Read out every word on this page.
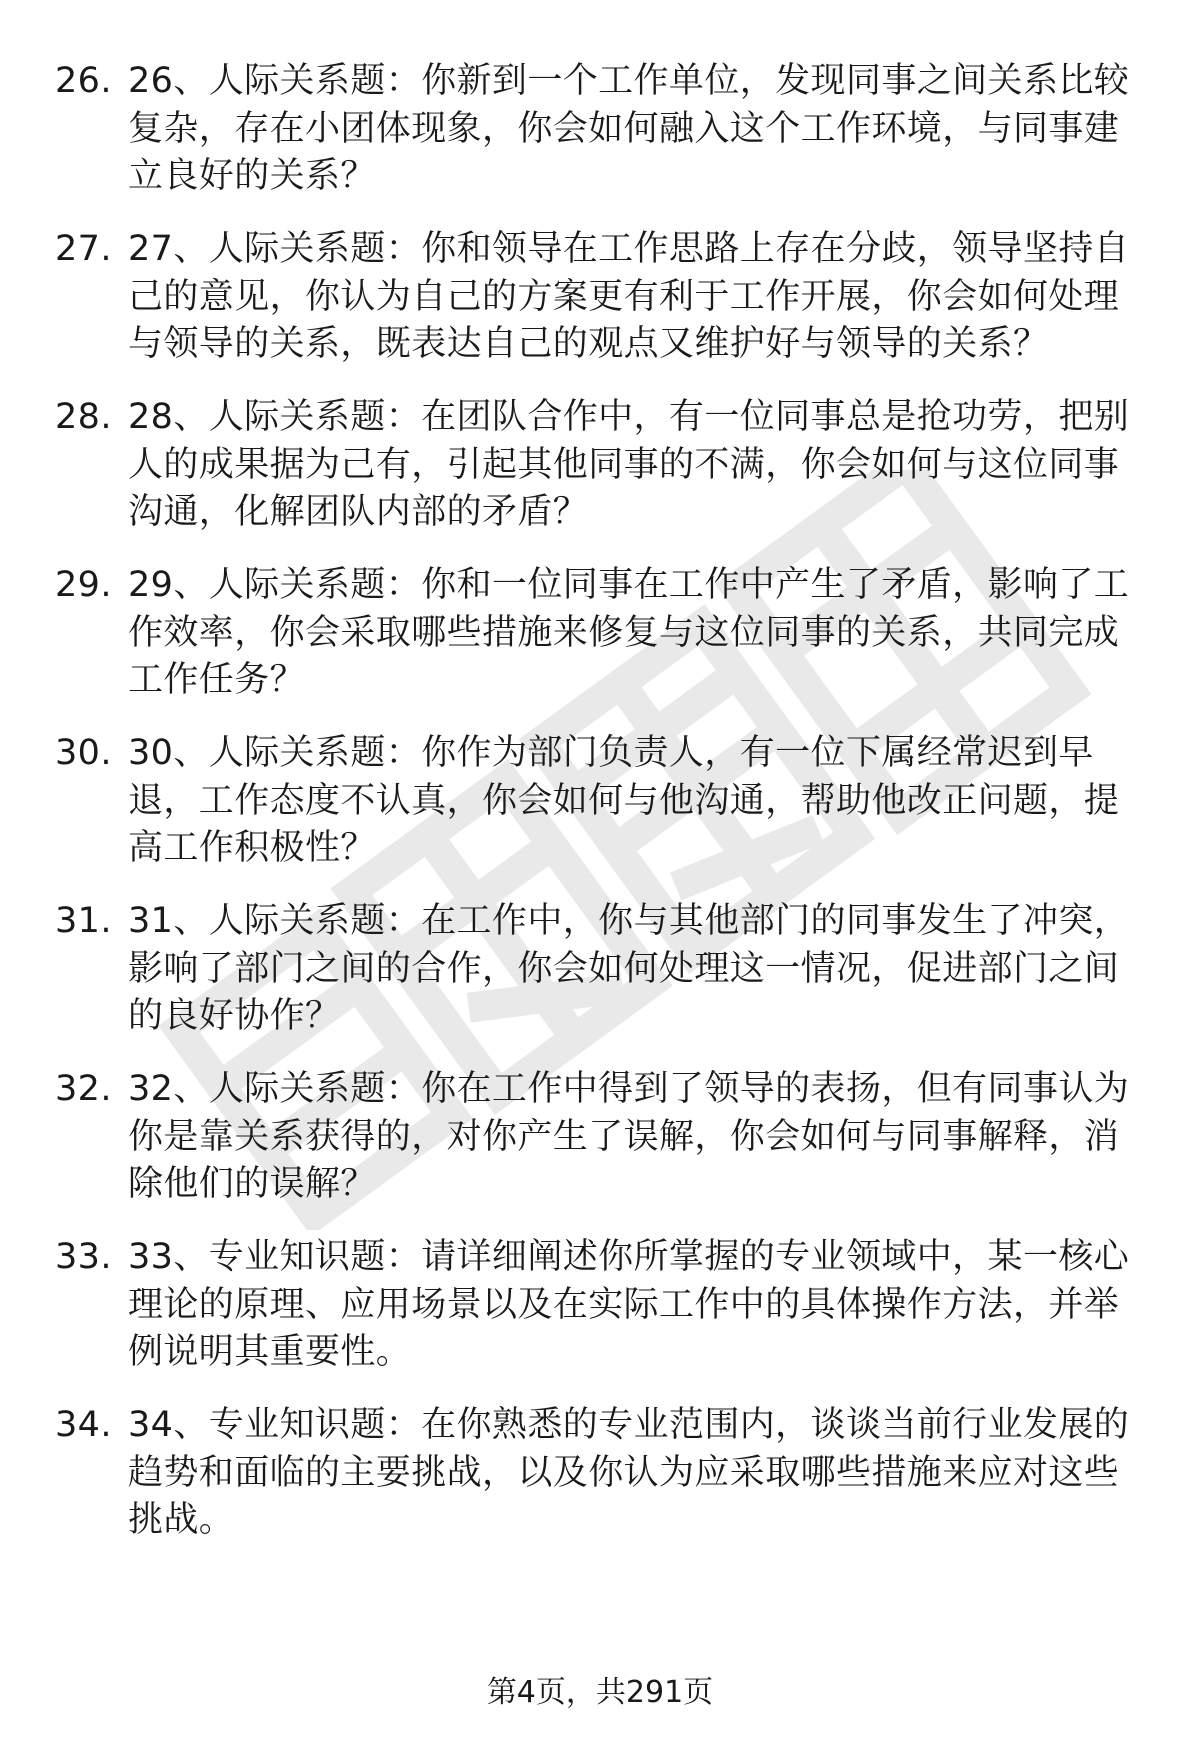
26. 26、人际关系题：你新到一个工作单位，发现同事之间关系比较复杂，存在小团体现象，你会如何融入这个工作环境，与同事建立良好的关系？
27. 27、人际关系题：你和领导在工作思路上存在分歧，领导坚持自己的意见，你认为自己的方案更有利于工作开展，你会如何处理与领导的关系，既表达自己的观点又维护好与领导的关系？
28. 28、人际关系题：在团队合作中，有一位同事总是抢功劳，把别人的成果据为己有，引起其他同事的不满，你会如何与这位同事沟通，化解团队内部的矛盾？
29. 29、人际关系题：你和一位同事在工作中产生了矛盾，影响了工作效率，你会采取哪些措施来修复与这位同事的关系，共同完成工作任务？
30. 30、人际关系题：你作为部门负责人，有一位下属经常迟到早退，工作态度不认真，你会如何与他沟通，帮助他改正问题，提高工作积极性？
31. 31、人际关系题：在工作中，你与其他部门的同事发生了冲突，影响了部门之间的合作，你会如何处理这一情况，促进部门之间的良好协作？
32. 32、人际关系题：你在工作中得到了领导的表扬，但有同事认为你是靠关系获得的，对你产生了误解，你会如何与同事解释，消除他们的误解？
33. 33、专业知识题：请详细阐述你所掌握的专业领域中，某一核心理论的原理、应用场景以及在实际工作中的具体操作方法，并举例说明其重要性。
34. 34、专业知识题：在你熟悉的专业范围内，谈谈当前行业发展的趋势和面临的主要挑战，以及你认为应采取哪些措施来应对这些挑战。
第4页，共291页
